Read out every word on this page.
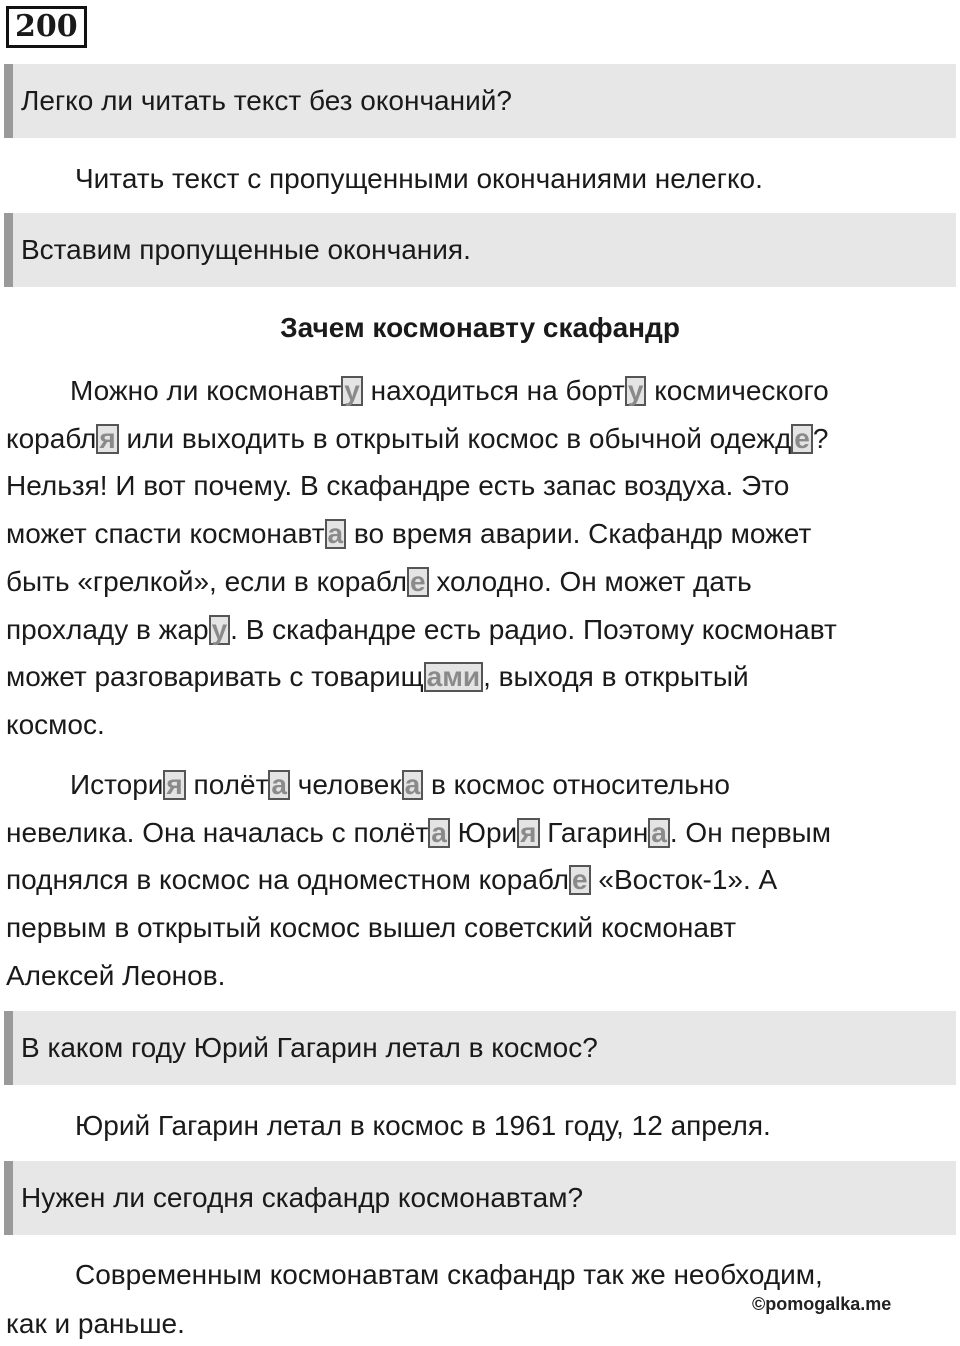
200
Легко ли читать текст без окончаний?
Читать текст с пропущенными окончаниями нелегко.
Вставим пропущенные окончания.
Зачем космонавту скафандр
Можно ли космонавт у находиться на борт у космического
корабл я или выходить в открытый космос в обычной одежд е ?
Нельзя! И вот почему. В скафандре есть запас воздуха. Это
может спасти космонавт а во время аварии. Скафандр может
быть «грелкой», если в корабл е холодно. Он может дать
прохладу в жар у . В скафандре есть радио. Поэтому космонавт
может разговаривать с товарищ ами , выходя в открытый
космос.
Истори я полёт а человек а в космос относительно
невелика. Она началась с полёт а Юри я Гагарин а . Он первым
поднялся в космос на одноместном корабл е «Восток-1». А
первым в открытый космос вышел советский космонавт
Алексей Леонов.
В каком году Юрий Гагарин летал в космос?
Юрий Гагарин летал в космос в 1961 году, 12 апреля.
Нужен ли сегодня скафандр космонавтам?
Современным космонавтам скафандр так же необходим,
как и раньше.
©pomogalka.me
